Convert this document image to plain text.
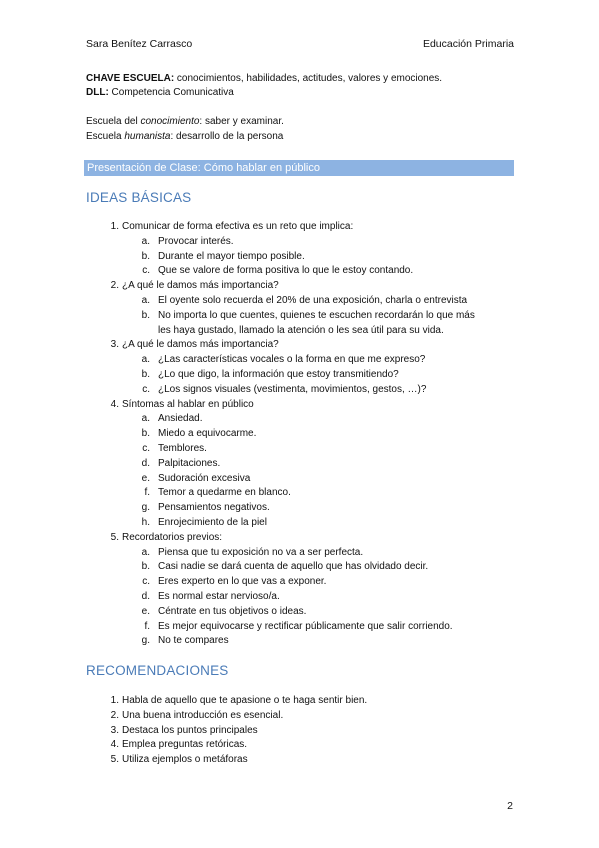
Sara Benítez Carrasco	Educación Primaria
CHAVE ESCUELA: conocimientos, habilidades, actitudes, valores y emociones.
DLL: Competencia Comunicativa
Escuela del conocimiento: saber y examinar.
Escuela humanista: desarrollo de la persona
Presentación de Clase: Cómo hablar en público
IDEAS BÁSICAS
1. Comunicar de forma efectiva es un reto que implica:
a. Provocar interés.
b. Durante el mayor tiempo posible.
c. Que se valore de forma positiva lo que le estoy contando.
2. ¿A qué le damos más importancia?
a. El oyente solo recuerda el 20% de una exposición, charla o entrevista
b. No importa lo que cuentes, quienes te escuchen recordarán lo que más
les haya gustado, llamado la atención o les sea útil para su vida.
3. ¿A qué le damos más importancia?
a. ¿Las características vocales o la forma en que me expreso?
b. ¿Lo que digo, la información que estoy transmitiendo?
c. ¿Los signos visuales (vestimenta, movimientos, gestos, …)?
4. Síntomas al hablar en público
a. Ansiedad.
b. Miedo a equivocarme.
c. Temblores.
d. Palpitaciones.
e. Sudoración excesiva
f. Temor a quedarme en blanco.
g. Pensamientos negativos.
h. Enrojecimiento de la piel
5. Recordatorios previos:
a. Piensa que tu exposición no va a ser perfecta.
b. Casi nadie se dará cuenta de aquello que has olvidado decir.
c. Eres experto en lo que vas a exponer.
d. Es normal estar nervioso/a.
e. Céntrate en tus objetivos o ideas.
f. Es mejor equivocarse y rectificar públicamente que salir corriendo.
g. No te compares
RECOMENDACIONES
1. Habla de aquello que te apasione o te haga sentir bien.
2. Una buena introducción es esencial.
3. Destaca los puntos principales
4. Emplea preguntas retóricas.
5. Utiliza ejemplos o metáforas
2
